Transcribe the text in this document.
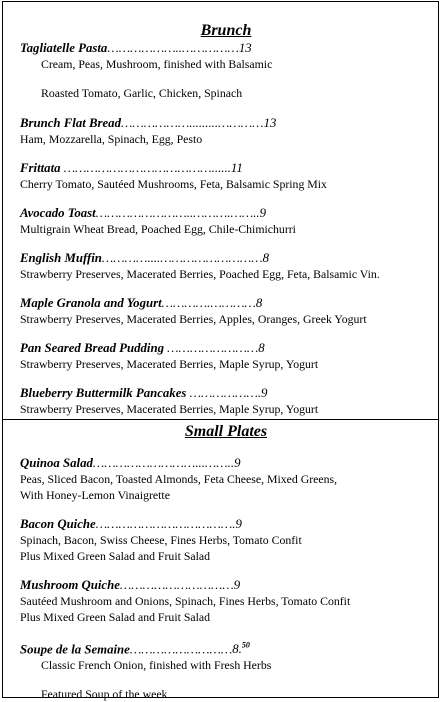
Brunch
Tagliatelle Pasta………………..……………13
Cream, Peas, Mushroom, finished with Balsamic
Roasted Tomato, Garlic, Chicken, Spinach
Brunch Flat Bread……………….........…………13
Ham, Mozzarella, Spinach, Egg, Pesto
Frittata …………………………………......11
Cherry Tomato, Sautéed Mushrooms, Feta, Balsamic Spring Mix
Avocado Toast……………………..……….……..9
Multigrain Wheat Bread, Poached Egg, Chile-Chimichurri
English Muffin…………....………………………8
Strawberry Preserves, Macerated Berries, Poached Egg, Feta, Balsamic Vin.
Maple Granola and Yogurt………….…………8
Strawberry Preserves, Macerated Berries, Apples, Oranges, Greek Yogurt
Pan Seared Bread Pudding ……………………8
Strawberry Preserves, Macerated Berries, Maple Syrup, Yogurt
Blueberry Buttermilk Pancakes ……………….9
Strawberry Preserves, Macerated Berries, Maple Syrup, Yogurt
Small Plates
Quinoa Salad………………………...……..9
Peas, Sliced Bacon, Toasted Almonds, Feta Cheese, Mixed Greens,
With Honey-Lemon Vinaigrette
Bacon Quiche……………………………….9
Spinach, Bacon, Swiss Cheese, Fines Herbs, Tomato Confit
Plus Mixed Green Salad and Fruit Salad
Mushroom Quiche…………………………9
Sautéed Mushroom and Onions, Spinach, Fines Herbs, Tomato Confit
Plus Mixed Green Salad and Fruit Salad
Soupe de la Semaine………………………8.50
Classic French Onion, finished with Fresh Herbs
Featured Soup of the week
